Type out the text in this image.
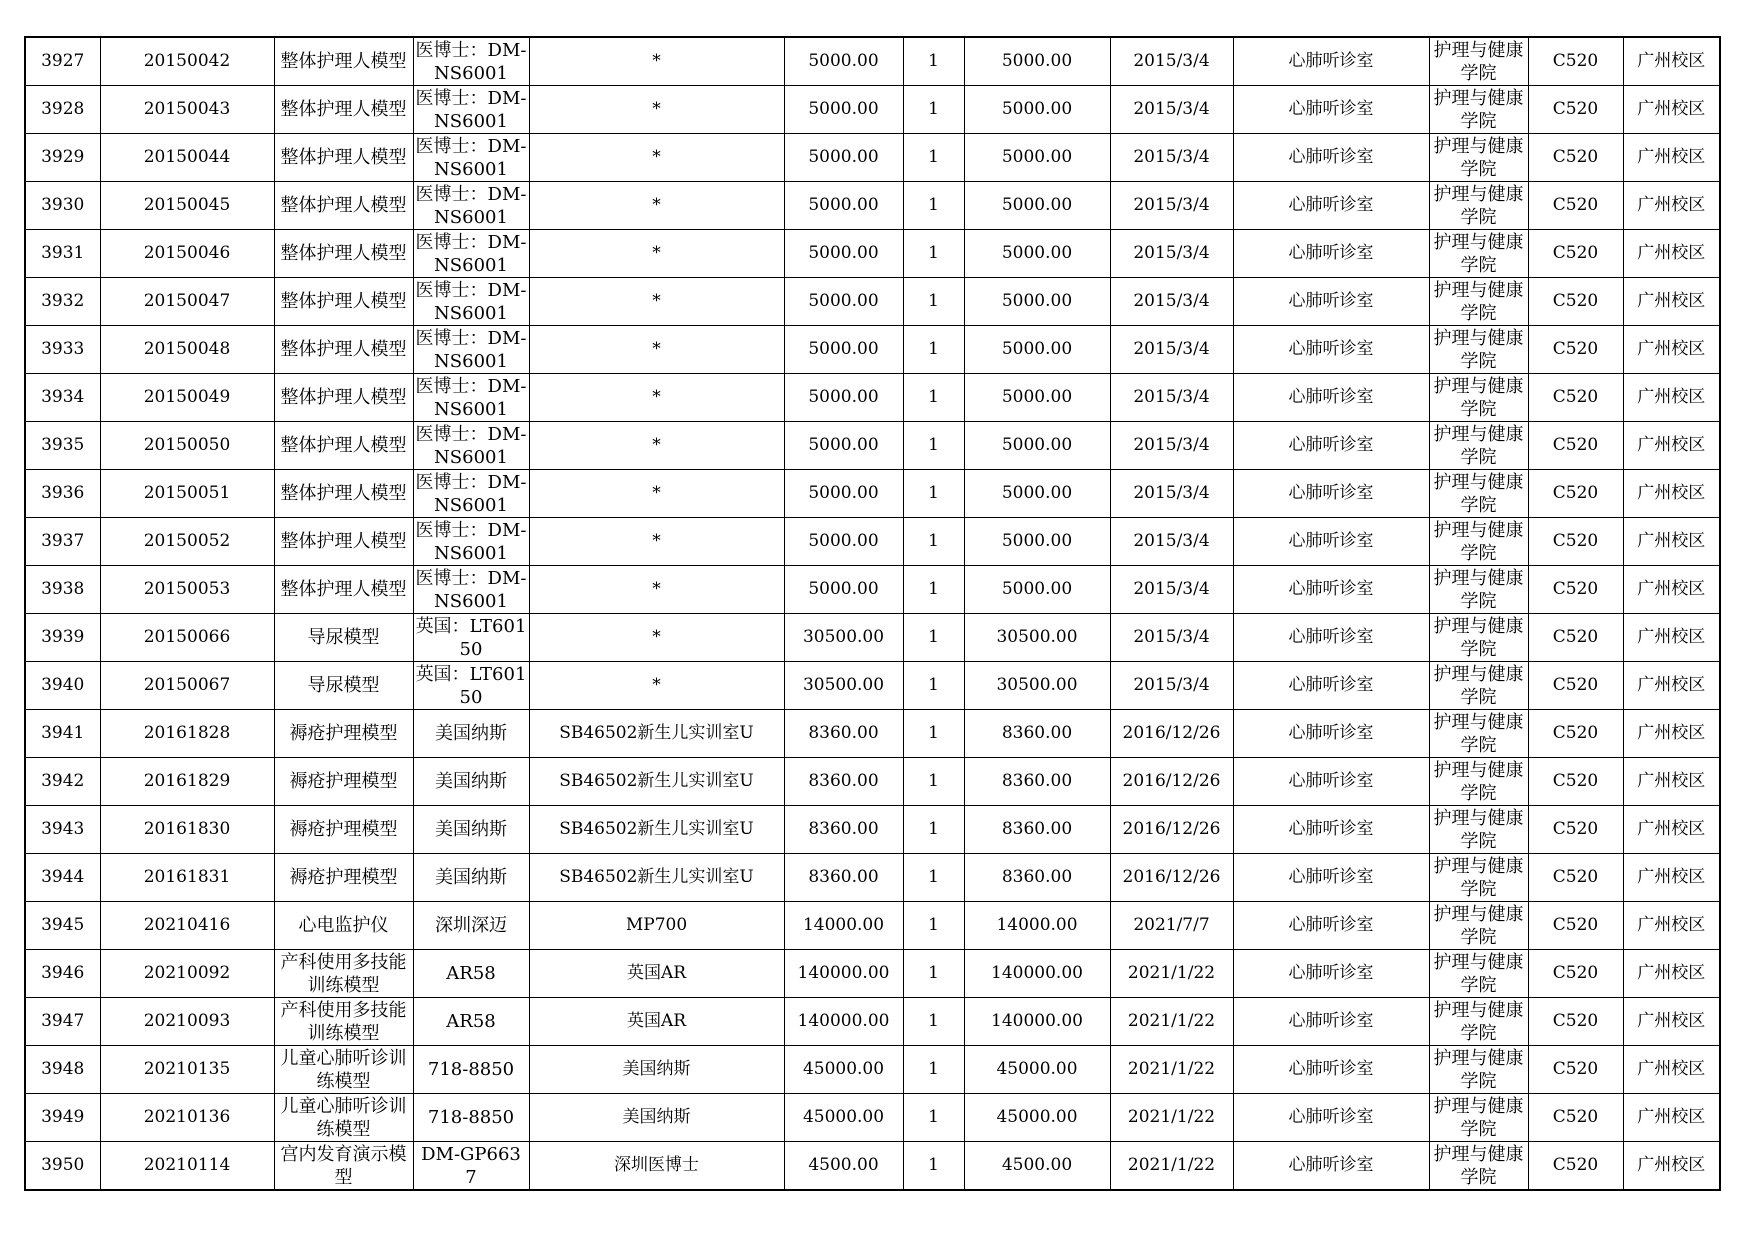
3927	20150042	整体护理人模型	医博士：DM-NS6001	*	5000.00	1	5000.00	2015/3/4	心肺听诊室	护理与健康学院	C520	广州校区
3928	20150043	整体护理人模型	医博士：DM-NS6001	*	5000.00	1	5000.00	2015/3/4	心肺听诊室	护理与健康学院	C520	广州校区
3929	20150044	整体护理人模型	医博士：DM-NS6001	*	5000.00	1	5000.00	2015/3/4	心肺听诊室	护理与健康学院	C520	广州校区
3930	20150045	整体护理人模型	医博士：DM-NS6001	*	5000.00	1	5000.00	2015/3/4	心肺听诊室	护理与健康学院	C520	广州校区
3931	20150046	整体护理人模型	医博士：DM-NS6001	*	5000.00	1	5000.00	2015/3/4	心肺听诊室	护理与健康学院	C520	广州校区
3932	20150047	整体护理人模型	医博士：DM-NS6001	*	5000.00	1	5000.00	2015/3/4	心肺听诊室	护理与健康学院	C520	广州校区
3933	20150048	整体护理人模型	医博士：DM-NS6001	*	5000.00	1	5000.00	2015/3/4	心肺听诊室	护理与健康学院	C520	广州校区
3934	20150049	整体护理人模型	医博士：DM-NS6001	*	5000.00	1	5000.00	2015/3/4	心肺听诊室	护理与健康学院	C520	广州校区
3935	20150050	整体护理人模型	医博士：DM-NS6001	*	5000.00	1	5000.00	2015/3/4	心肺听诊室	护理与健康学院	C520	广州校区
3936	20150051	整体护理人模型	医博士：DM-NS6001	*	5000.00	1	5000.00	2015/3/4	心肺听诊室	护理与健康学院	C520	广州校区
3937	20150052	整体护理人模型	医博士：DM-NS6001	*	5000.00	1	5000.00	2015/3/4	心肺听诊室	护理与健康学院	C520	广州校区
3938	20150053	整体护理人模型	医博士：DM-NS6001	*	5000.00	1	5000.00	2015/3/4	心肺听诊室	护理与健康学院	C520	广州校区
3939	20150066	导尿模型	英国：LT60150	*	30500.00	1	30500.00	2015/3/4	心肺听诊室	护理与健康学院	C520	广州校区
3940	20150067	导尿模型	英国：LT60150	*	30500.00	1	30500.00	2015/3/4	心肺听诊室	护理与健康学院	C520	广州校区
3941	20161828	褥疮护理模型	美国纳斯	SB46502新生儿实训室U	8360.00	1	8360.00	2016/12/26	心肺听诊室	护理与健康学院	C520	广州校区
3942	20161829	褥疮护理模型	美国纳斯	SB46502新生儿实训室U	8360.00	1	8360.00	2016/12/26	心肺听诊室	护理与健康学院	C520	广州校区
3943	20161830	褥疮护理模型	美国纳斯	SB46502新生儿实训室U	8360.00	1	8360.00	2016/12/26	心肺听诊室	护理与健康学院	C520	广州校区
3944	20161831	褥疮护理模型	美国纳斯	SB46502新生儿实训室U	8360.00	1	8360.00	2016/12/26	心肺听诊室	护理与健康学院	C520	广州校区
3945	20210416	心电监护仪	深圳深迈	MP700	14000.00	1	14000.00	2021/7/7	心肺听诊室	护理与健康学院	C520	广州校区
3946	20210092	产科使用多技能训练模型	AR58	英国AR	140000.00	1	140000.00	2021/1/22	心肺听诊室	护理与健康学院	C520	广州校区
3947	20210093	产科使用多技能训练模型	AR58	英国AR	140000.00	1	140000.00	2021/1/22	心肺听诊室	护理与健康学院	C520	广州校区
3948	20210135	儿童心肺听诊训练模型	718-8850	美国纳斯	45000.00	1	45000.00	2021/1/22	心肺听诊室	护理与健康学院	C520	广州校区
3949	20210136	儿童心肺听诊训练模型	718-8850	美国纳斯	45000.00	1	45000.00	2021/1/22	心肺听诊室	护理与健康学院	C520	广州校区
3950	20210114	宫内发育演示模型	DM-GP6637	深圳医博士	4500.00	1	4500.00	2021/1/22	心肺听诊室	护理与健康学院	C520	广州校区
